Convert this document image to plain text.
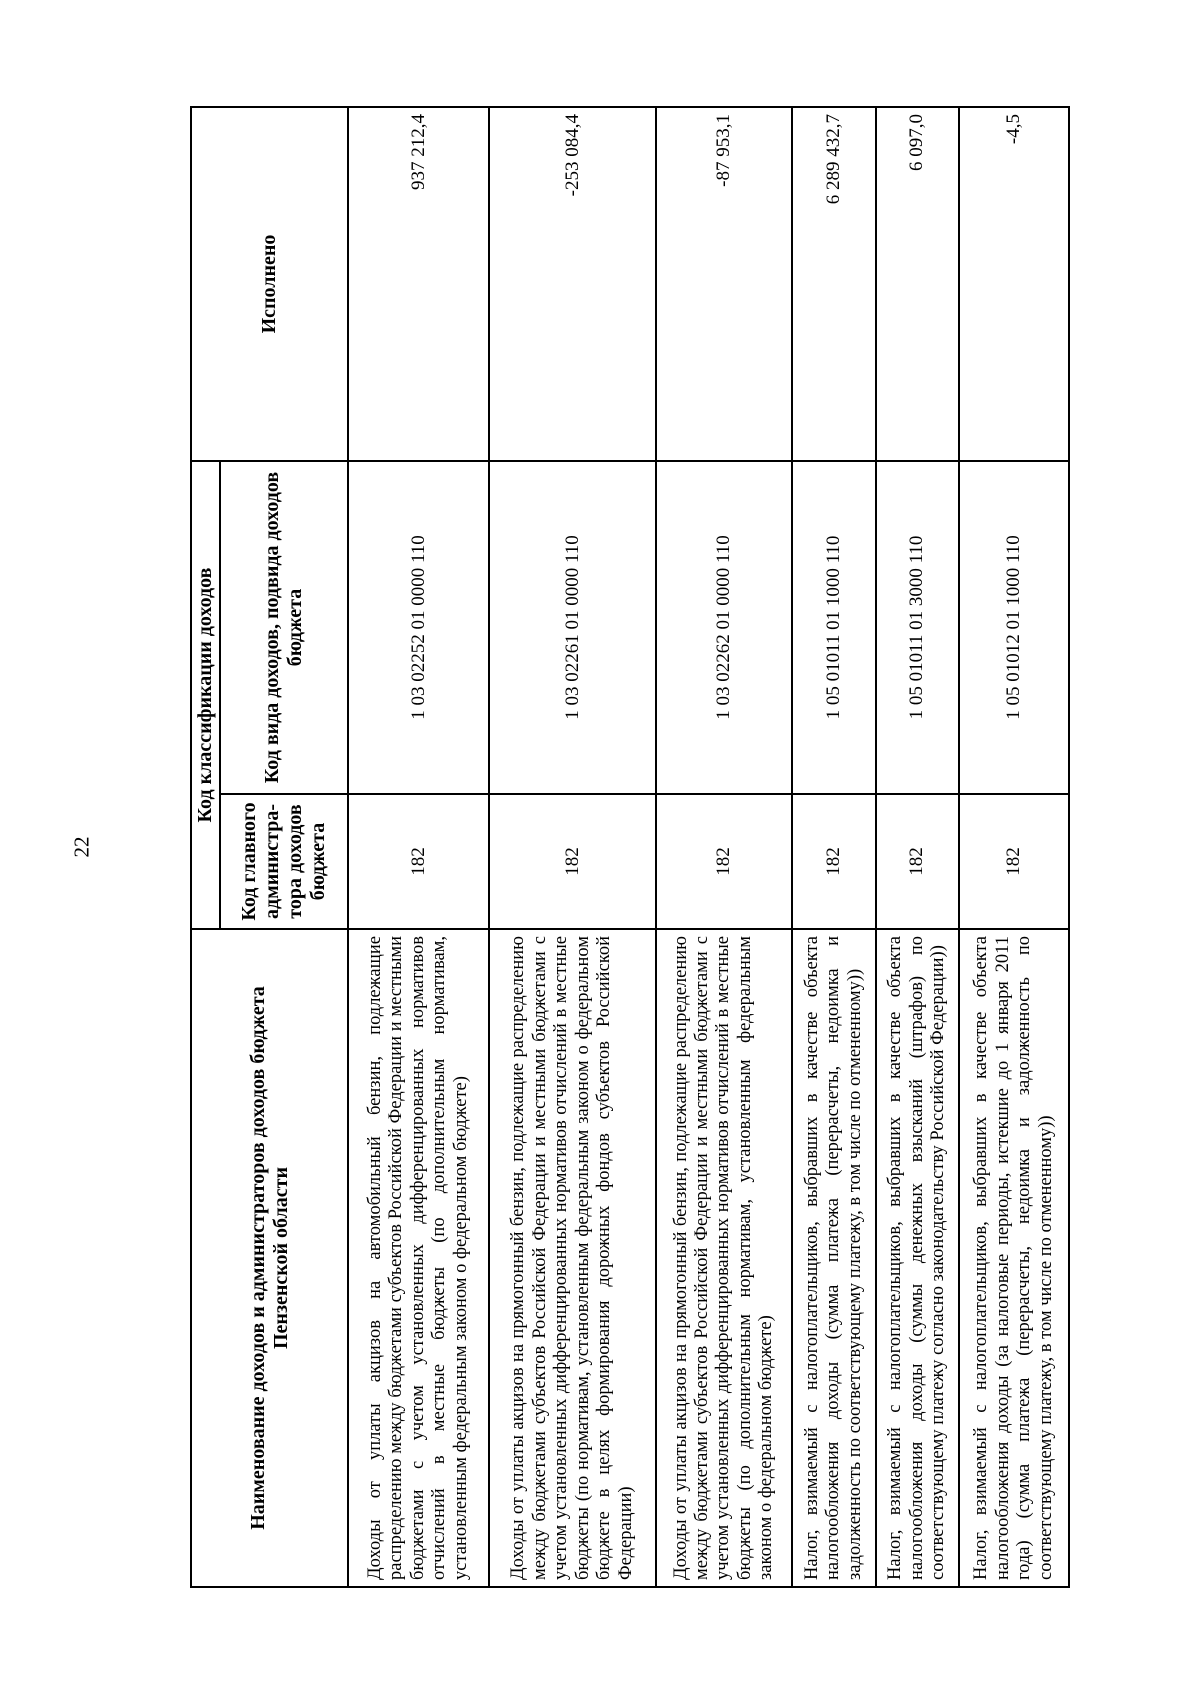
22
Наименование доходов и администраторов доходов бюджета Пензенской области	Код классификации доходов		Исполнено
	Код главного администра-тора доходов бюджета	Код вида доходов, подвида доходов бюджета	
Доходы от уплаты акцизов на автомобильный бензин, подлежащие распределению между бюджетами субъектов Российской Федерации и местными бюджетами с учетом установленных дифференцированных нормативов отчислений в местные бюджеты (по дополнительным нормативам, установленным федеральным законом о федеральном бюджете)	182	1 03 02252 01 0000 110	937 212,4
Доходы от уплаты акцизов на прямогонный бензин, подлежащие распределению между бюджетами субъектов Российской Федерации и местными бюджетами с учетом установленных дифференцированных нормативов отчислений в местные бюджеты (по нормативам, установленным федеральным законом о федеральном бюджете в целях формирования дорожных фондов субъектов Российской Федерации)	182	1 03 02261 01 0000 110	-253 084,4
Доходы от уплаты акцизов на прямогонный бензин, подлежащие распределению между бюджетами субъектов Российской Федерации и местными бюджетами с учетом установленных дифференцированных нормативов отчислений в местные бюджеты (по дополнительным нормативам, установленным федеральным законом о федеральном бюджете)	182	1 03 02262 01 0000 110	-87 953,1
Налог, взимаемый с налогоплательщиков, выбравших в качестве объекта налогообложения доходы (сумма платежа (перерасчеты, недоимка и задолженность по соответствующему платежу, в том числе по отмененному))	182	1 05 01011 01 1000 110	6 289 432,7
Налог, взимаемый с налогоплательщиков, выбравших в качестве объекта налогообложения доходы (суммы денежных взысканий (штрафов) по соответствующему платежу согласно законодательству Российской Федерации))	182	1 05 01011 01 3000 110	6 097,0
Налог, взимаемый с налогоплательщиков, выбравших в качестве объекта налогообложения доходы (за налоговые периоды, истекшие до 1 января 2011 года) (сумма платежа (перерасчеты, недоимка и задолженность по соответствующему платежу, в том числе по отмененному))	182	1 05 01012 01 1000 110	-4,5
